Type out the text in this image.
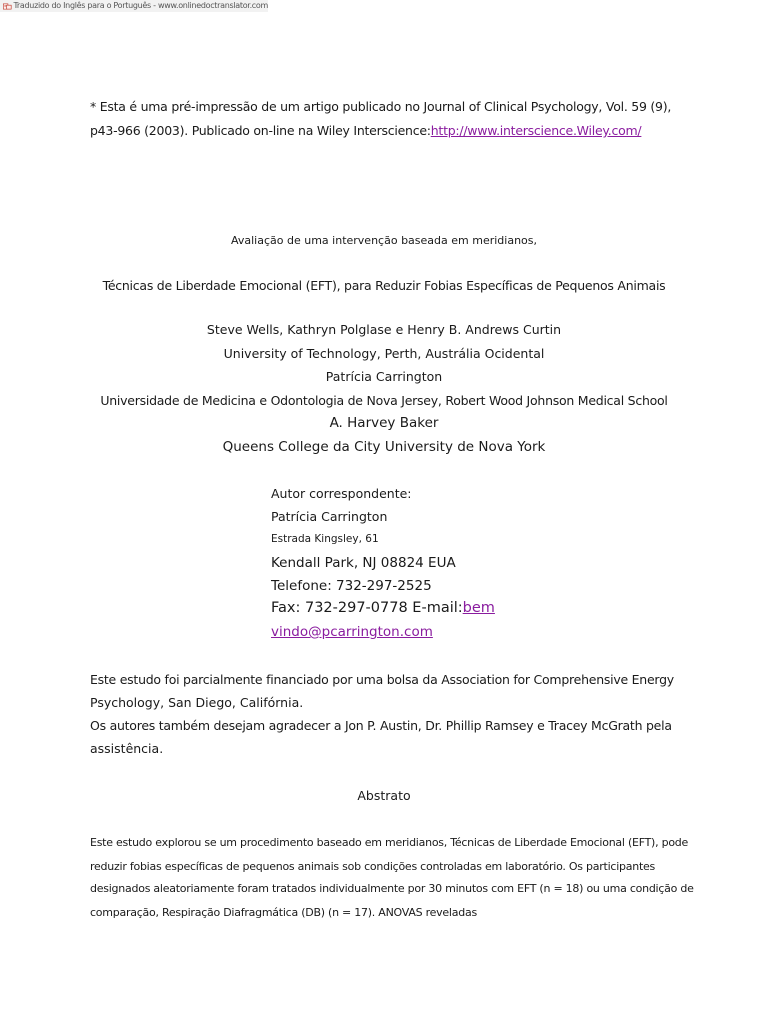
Traduzido do Inglês para o Português - www.onlinedoctranslator.com
* Esta é uma pré-impressão de um artigo publicado no Journal of Clinical Psychology, Vol. 59 (9),
p43-966 (2003). Publicado on-line na Wiley Interscience:http://www.interscience.Wiley.com/
Avaliação de uma intervenção baseada em meridianos,
Técnicas de Liberdade Emocional (EFT), para Reduzir Fobias Específicas de Pequenos Animais
Steve Wells, Kathryn Polglase e Henry B. Andrews Curtin
University of Technology, Perth, Austrália Ocidental
Patrícia Carrington
Universidade de Medicina e Odontologia de Nova Jersey, Robert Wood Johnson Medical School
A. Harvey Baker
Queens College da City University de Nova York
Autor correspondente:
Patrícia Carrington
Estrada Kingsley, 61
Kendall Park, NJ 08824 EUA
Telefone: 732-297-2525
Fax: 732-297-0778 E-mail:bem
vindo@pcarrington.com
Este estudo foi parcialmente financiado por uma bolsa da Association for Comprehensive Energy
Psychology, San Diego, Califórnia.
Os autores também desejam agradecer a Jon P. Austin, Dr. Phillip Ramsey e Tracey McGrath pela
assistência.
Abstrato
Este estudo explorou se um procedimento baseado em meridianos, Técnicas de Liberdade Emocional (EFT), pode
reduzir fobias específicas de pequenos animais sob condições controladas em laboratório. Os participantes
designados aleatoriamente foram tratados individualmente por 30 minutos com EFT (n = 18) ou uma condição de
comparação, Respiração Diafragmática (DB) (n = 17). ANOVAS reveladas
